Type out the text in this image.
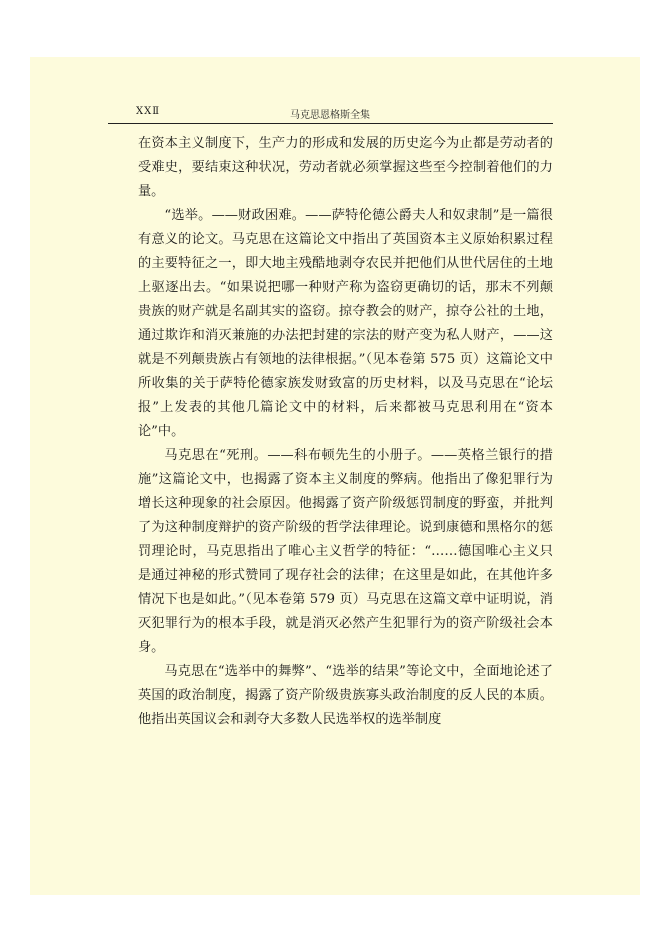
XXⅡ	马克思恩格斯全集

在资本主义制度下，生产力的形成和发展的历史迄今为止都是劳动者的受难史，要结束这种状况，劳动者就必须掌握这些至今控制着他们的力量。

“选举。——财政困难。——萨特伦德公爵夫人和奴隶制”是一篇很有意义的论文。马克思在这篇论文中指出了英国资本主义原始积累过程的主要特征之一，即大地主残酷地剥夺农民并把他们从世代居住的土地上驱逐出去。“如果说把哪一种财产称为盗窃更确切的话，那末不列颠贵族的财产就是名副其实的盗窃。掠夺教会的财产，掠夺公社的土地，通过欺诈和消灭兼施的办法把封建的宗法的财产变为私人财产，——这就是不列颠贵族占有领地的法律根据。”（见本卷第 575 页）这篇论文中所收集的关于萨特伦德家族发财致富的历史材料，以及马克思在“论坛报”上发表的其他几篇论文中的材料，后来都被马克思利用在“资本论”中。

马克思在“死刑。——科布顿先生的小册子。——英格兰银行的措施”这篇论文中，也揭露了资本主义制度的弊病。他指出了像犯罪行为增长这种现象的社会原因。他揭露了资产阶级惩罚制度的野蛮，并批判了为这种制度辩护的资产阶级的哲学法律理论。说到康德和黑格尔的惩罚理论时，马克思指出了唯心主义哲学的特征：“……德国唯心主义只是通过神秘的形式赞同了现存社会的法律；在这里是如此，在其他许多情况下也是如此。”（见本卷第 579 页）马克思在这篇文章中证明说，消灭犯罪行为的根本手段，就是消灭必然产生犯罪行为的资产阶级社会本身。

马克思在“选举中的舞弊”、“选举的结果”等论文中，全面地论述了英国的政治制度，揭露了资产阶级贵族寡头政治制度的反人民的本质。他指出英国议会和剥夺大多数人民选举权的选举制度
